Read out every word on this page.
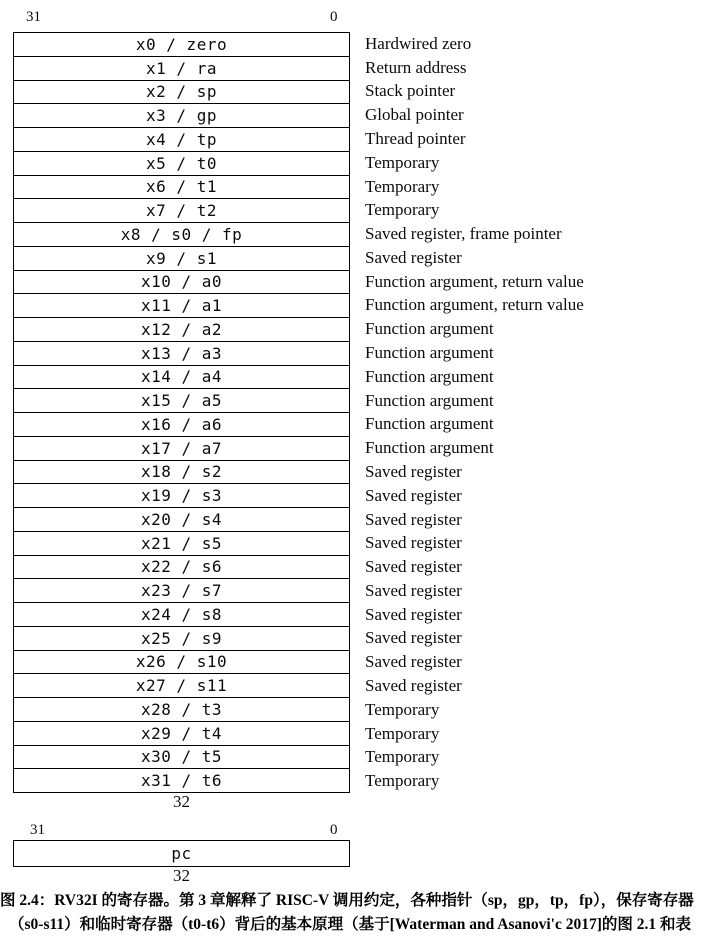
31	0
x0 / zero
x1 / ra
x2 / sp
x3 / gp
x4 / tp
x5 / t0
x6 / t1
x7 / t2
x8 / s0 / fp
x9 / s1
x10 / a0
x11 / a1
x12 / a2
x13 / a3
x14 / a4
x15 / a5
x16 / a6
x17 / a7
x18 / s2
x19 / s3
x20 / s4
x21 / s5
x22 / s6
x23 / s7
x24 / s8
x25 / s9
x26 / s10
x27 / s11
x28 / t3
x29 / t4
x30 / t5
x31 / t6
Hardwired zero
Return address
Stack pointer
Global pointer
Thread pointer
Temporary
Temporary
Temporary
Saved register, frame pointer
Saved register
Function argument, return value
Function argument, return value
Function argument
Function argument
Function argument
Function argument
Function argument
Function argument
Saved register
Saved register
Saved register
Saved register
Saved register
Saved register
Saved register
Saved register
Saved register
Saved register
Temporary
Temporary
Temporary
Temporary
32
31	0
pc
32
图 2.4：RV32I 的寄存器。第 3 章解释了 RISC-V 调用约定，各种指针（sp，gp，tp，fp），保存寄存器
（s0-s11）和临时寄存器（t0-t6）背后的基本原理（基于[Waterman and Asanovi'c 2017]的图 2.1 和表
